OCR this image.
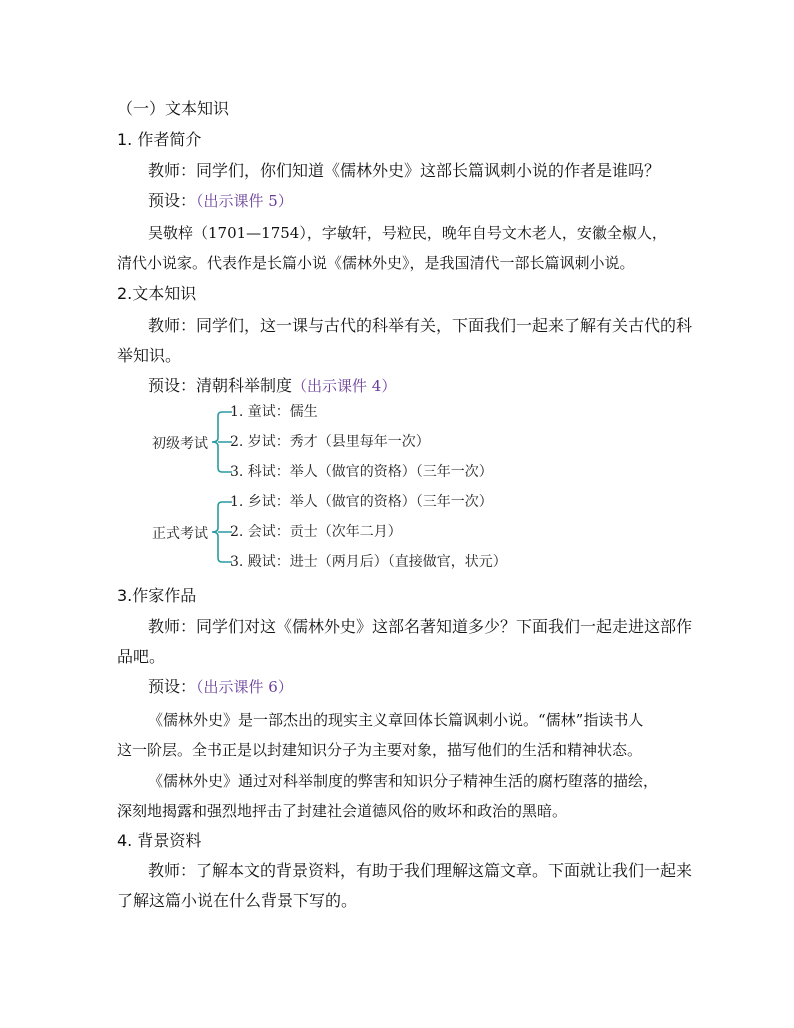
（一）文本知识
1. 作者简介
教师：同学们，你们知道《儒林外史》这部长篇讽刺小说的作者是谁吗？
预设：（出示课件 5）
吴敬梓（1701—1754），字敏轩，号粒民，晚年自号文木老人，安徽全椒人，
清代小说家。代表作是长篇小说《儒林外史》，是我国清代一部长篇讽刺小说。
2.文本知识
教师：同学们，这一课与古代的科举有关，下面我们一起来了解有关古代的科
举知识。
预设：清朝科举制度（出示课件 4）
初级考试
1. 童试：儒生
2. 岁试：秀才（县里每年一次）
3. 科试：举人（做官的资格）（三年一次）
正式考试
1. 乡试：举人（做官的资格）（三年一次）
2. 会试：贡士（次年二月）
3. 殿试：进士（两月后）（直接做官，状元）
3.作家作品
教师：同学们对这《儒林外史》这部名著知道多少？下面我们一起走进这部作
品吧。
预设：（出示课件 6）
《儒林外史》是一部杰出的现实主义章回体长篇讽刺小说。“儒林”指读书人
这一阶层。全书正是以封建知识分子为主要对象，描写他们的生活和精神状态。
《儒林外史》通过对科举制度的弊害和知识分子精神生活的腐朽堕落的描绘，
深刻地揭露和强烈地抨击了封建社会道德风俗的败坏和政治的黑暗。
4. 背景资料
教师：了解本文的背景资料，有助于我们理解这篇文章。下面就让我们一起来
了解这篇小说在什么背景下写的。
